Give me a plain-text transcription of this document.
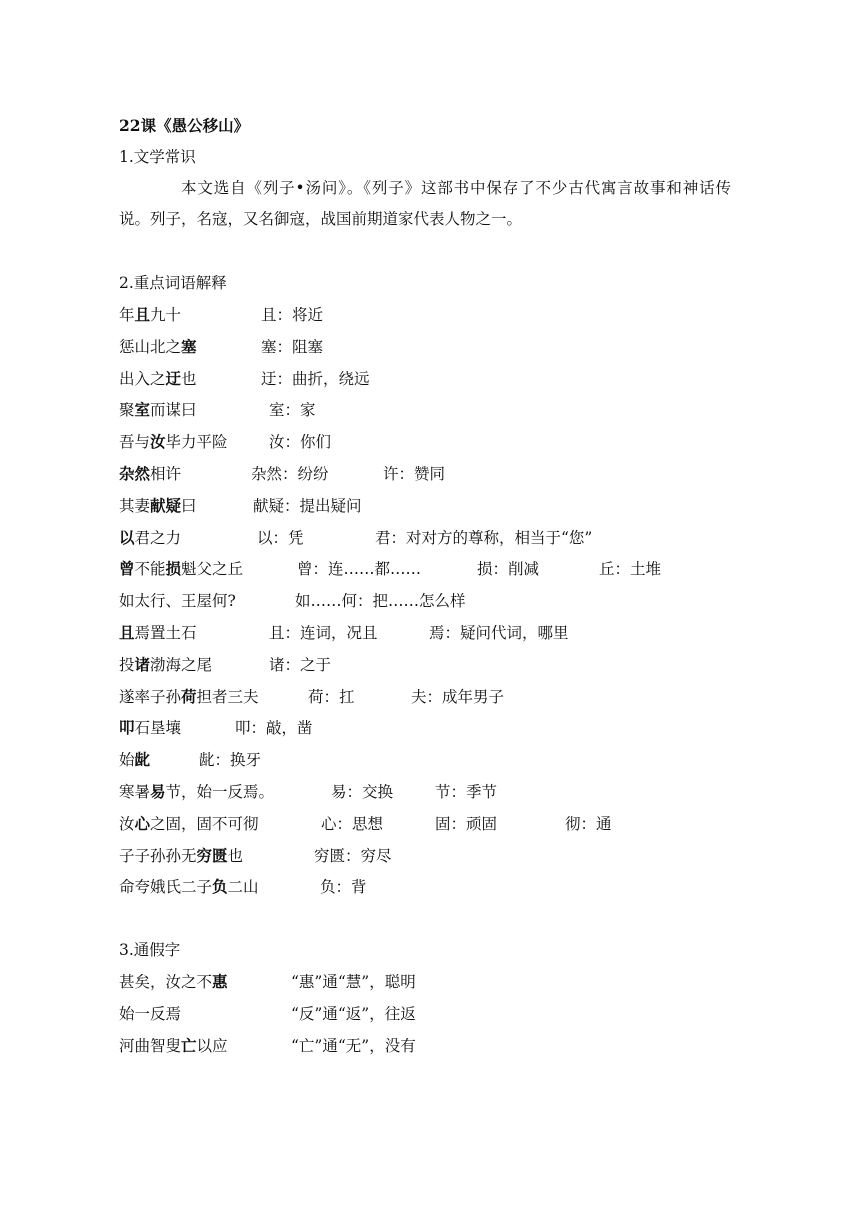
22课《愚公移山》
1.文学常识
本文选自《列子•汤问》。《列子》这部书中保存了不少古代寓言故事和神话传说。列子，名寇，又名御寇，战国前期道家代表人物之一。
2.重点词语解释
年且九十	且：将近
惩山北之塞	塞：阻塞
出入之迂也	迂：曲折，绕远
聚室而谋曰	室：家
吾与汝毕力平险	汝：你们
杂然相许	杂然：纷纷	许：赞同
其妻献疑曰	献疑：提出疑问
以君之力	以：凭	君：对对方的尊称，相当于“您”
曾不能损魁父之丘	曾：连……都……	损：削减	丘：土堆
如太行、王屋何?	如……何：把……怎么样
且焉置土石	且：连词，况且	焉：疑问代词，哪里
投诸渤海之尾	诸：之于
遂率子孙荷担者三夫	荷：扛	夫：成年男子
叩石垦壤	叩：敲，凿
始龀	龀：换牙
寒暑易节，始一反焉。	易：交换	节：季节
汝心之固，固不可彻	心：思想	固：顽固	彻：通
子子孙孙无穷匮也	穷匮：穷尽
命夸娥氏二子负二山	负：背
3.通假字
甚矣，汝之不惠	“惠”通“慧”，聪明
始一反焉	“反”通“返”，往返
河曲智叟亡以应	“亡”通“无”，没有
